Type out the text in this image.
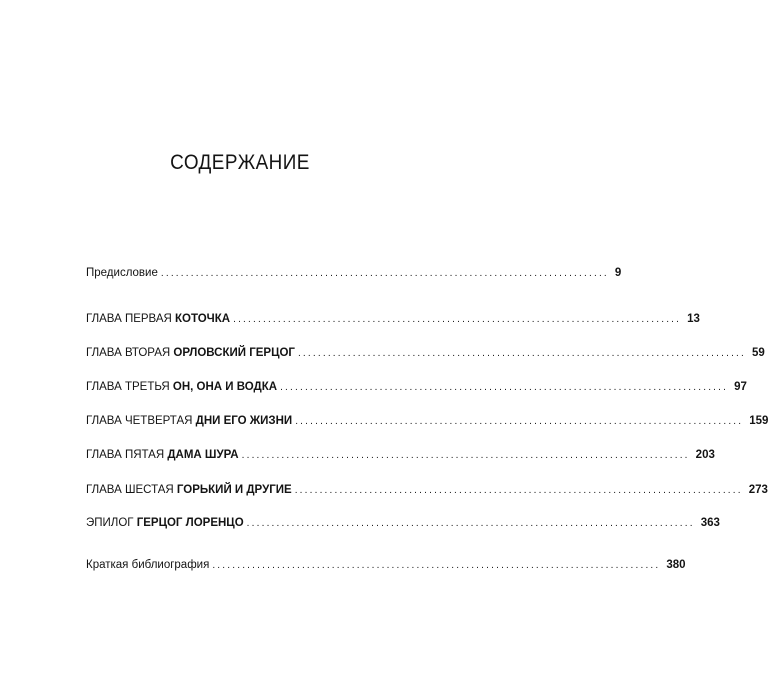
СОДЕРЖАНИЕ
Предисловие .......................................................................................... 9
ГЛАВА ПЕРВАЯ КОТОЧКА .......................................................................................... 13
ГЛАВА ВТОРАЯ ОРЛОВСКИЙ ГЕРЦОГ .......................................................................................... 59
ГЛАВА ТРЕТЬЯ ОН, ОНА И ВОДКА .......................................................................................... 97
ГЛАВА ЧЕТВЕРТАЯ ДНИ ЕГО ЖИЗНИ .......................................................................................... 159
ГЛАВА ПЯТАЯ ДАМА ШУРА .......................................................................................... 203
ГЛАВА ШЕСТАЯ ГОРЬКИЙ И ДРУГИЕ .......................................................................................... 273
ЭПИЛОГ ГЕРЦОГ ЛОРЕНЦО .......................................................................................... 363
Краткая библиография .......................................................................................... 380
